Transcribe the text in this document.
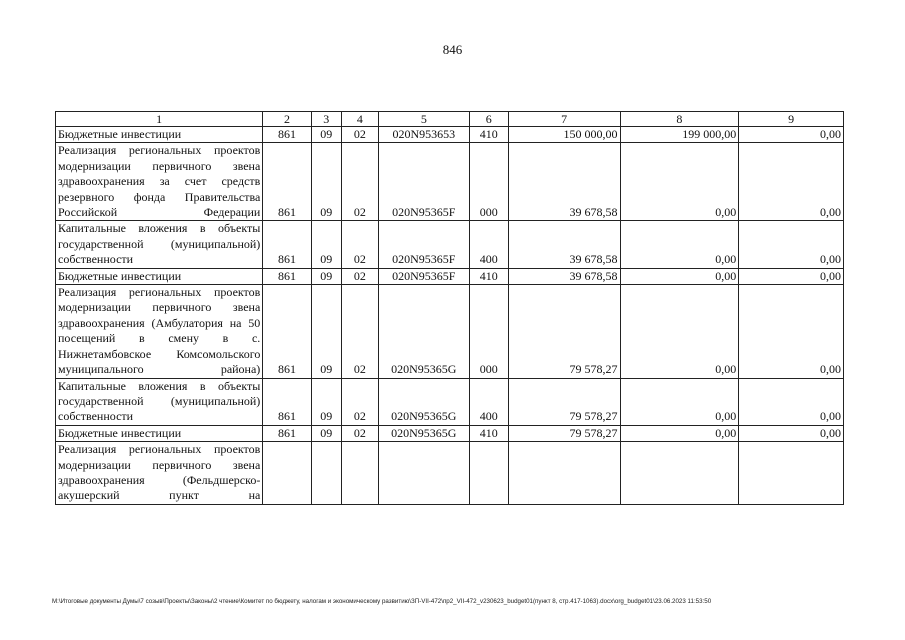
846
1	2	3	4	5	6	7	8	9
Бюджетные инвестиции	861	09	02	020N953653	410	150 000,00	199 000,00	0,00
Реализация региональных проектов модернизации первичного звена здравоохранения за счет средств резервного фонда Правительства Российской Федерации	861	09	02	020N95365F	000	39 678,58	0,00	0,00
Капитальные вложения в объекты государственной (муниципальной) собственности	861	09	02	020N95365F	400	39 678,58	0,00	0,00
Бюджетные инвестиции	861	09	02	020N95365F	410	39 678,58	0,00	0,00
Реализация региональных проектов модернизации первичного звена здравоохранения (Амбулатория на 50 посещений в смену в с. Нижнетамбовское Комсомольского муниципального района)	861	09	02	020N95365G	000	79 578,27	0,00	0,00
Капитальные вложения в объекты государственной (муниципальной) собственности	861	09	02	020N95365G	400	79 578,27	0,00	0,00
Бюджетные инвестиции	861	09	02	020N95365G	410	79 578,27	0,00	0,00
Реализация региональных проектов модернизации первичного звена здравоохранения (Фельдшерско-акушерский пункт на								
М:\Итоговые документы Думы\7 созыв\Проекты\Законы\2 чтение\Комитет по бюджету, налогам и экономическому развитию\ЗП-VII-472\пр2_VII-472_v230623_budget01(пункт 8, стр.417-1063).docx\org_budget01\23.06.2023 11:53:50
